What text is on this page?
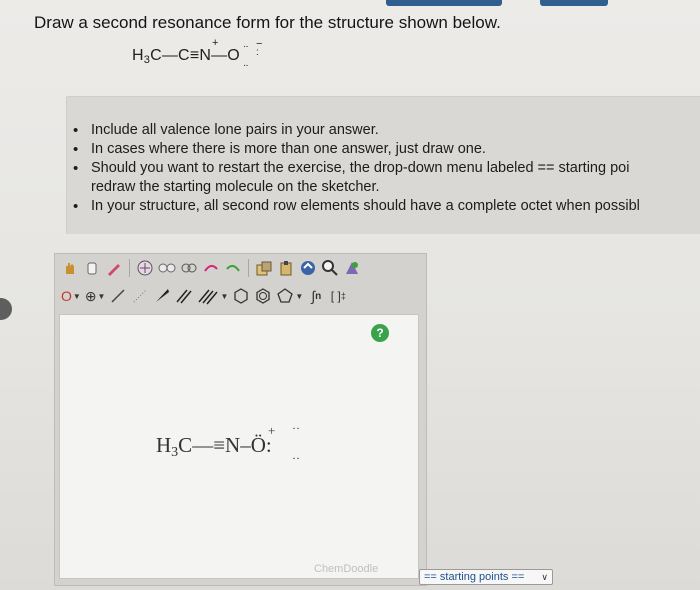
Draw a second resonance form for the structure shown below.
$H_3C—C\equiv N—O$
+	−
··
··
:
• Include all valence lone pairs in your answer.
• In cases where there is more than one answer, just draw one.
• Should you want to restart the exercise, the drop-down menu labeled == starting poi
redraw the starting molecule on the sketcher.
• In your structure, all second row elements should have a complete octet when possibl
O ▼ ⊕ ▼	▼	▼ ∫ n [ ] ‡
?
$H_3C—\equiv N-Ö$:
+ ··
··
ChemDoodle
== starting points == ∨
